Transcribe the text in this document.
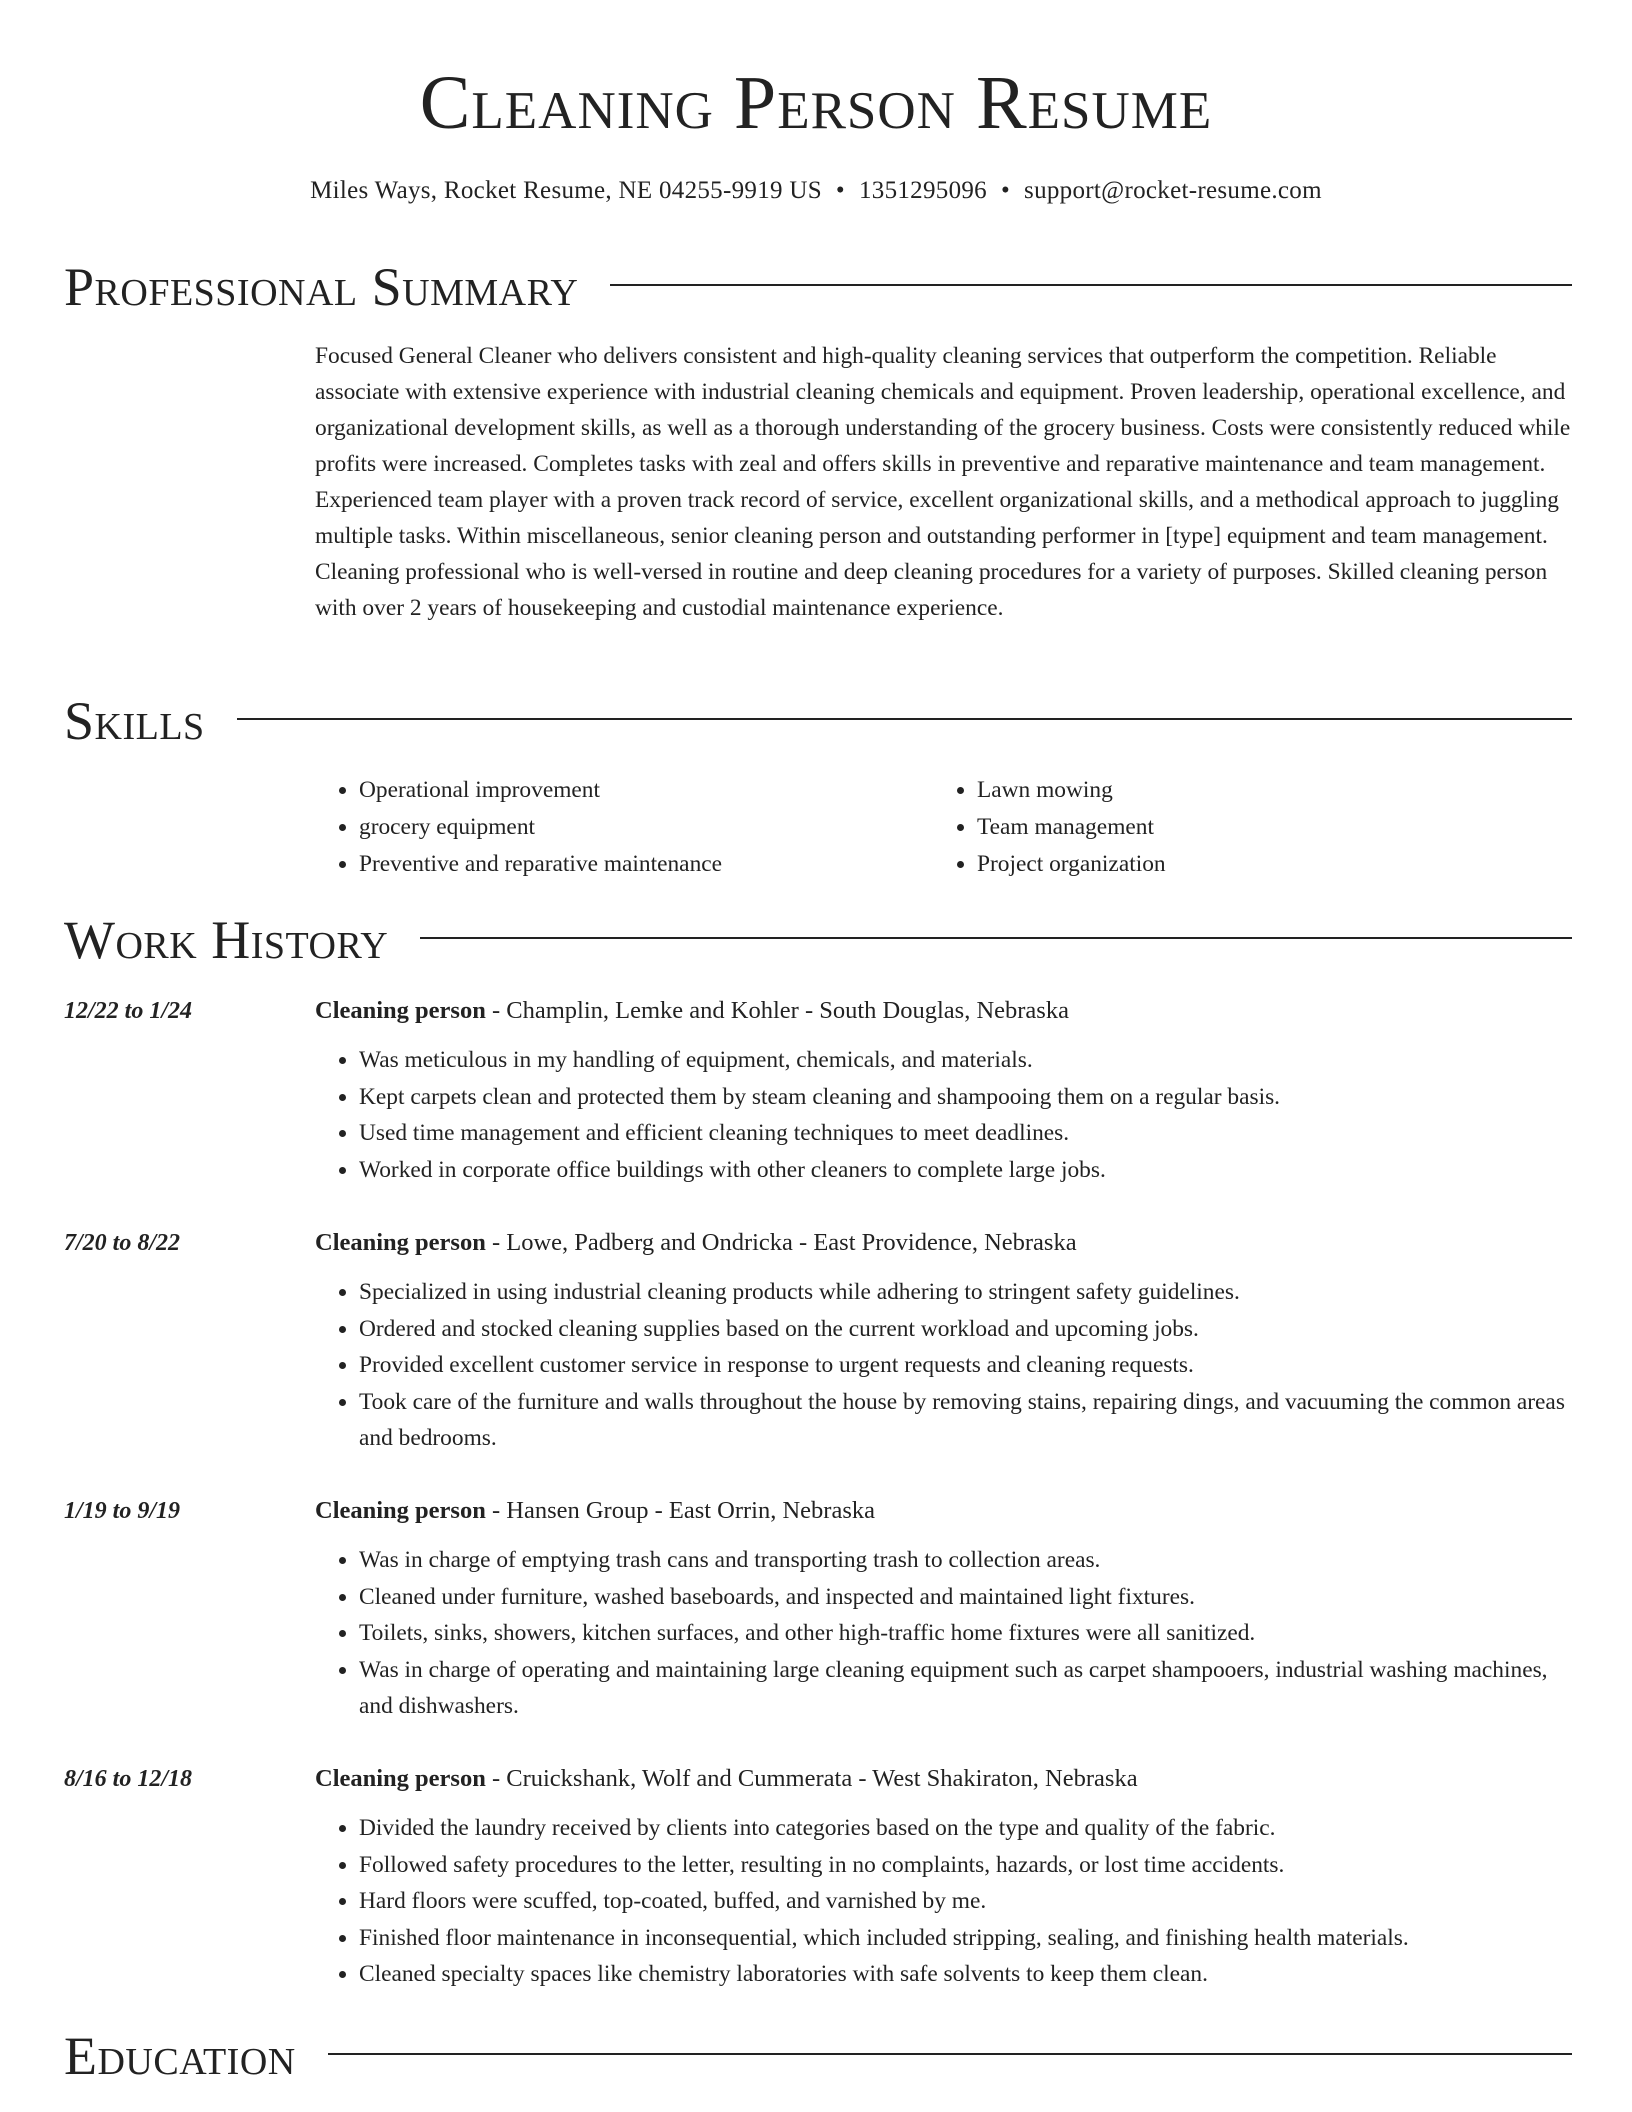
Cleaning Person Resume
Miles Ways, Rocket Resume, NE 04255-9919 US • 1351295096 • support@rocket-resume.com
Professional Summary

Focused General Cleaner who delivers consistent and high-quality cleaning services that outperform the competition. Reliable associate with extensive experience with industrial cleaning chemicals and equipment. Proven leadership, operational excellence, and organizational development skills, as well as a thorough understanding of the grocery business. Costs were consistently reduced while profits were increased. Completes tasks with zeal and offers skills in preventive and reparative maintenance and team management. Experienced team player with a proven track record of service, excellent organizational skills, and a methodical approach to juggling multiple tasks. Within miscellaneous, senior cleaning person and outstanding performer in [type] equipment and team management. Cleaning professional who is well-versed in routine and deep cleaning procedures for a variety of purposes. Skilled cleaning person with over 2 years of housekeeping and custodial maintenance experience.

Skills
• Operational improvement
• grocery equipment
• Preventive and reparative maintenance
• Lawn mowing
• Team management
• Project organization
Work History
12/22 to 1/24	Cleaning person - Champlin, Lemke and Kohler - South Douglas, Nebraska
• Was meticulous in my handling of equipment, chemicals, and materials.
• Kept carpets clean and protected them by steam cleaning and shampooing them on a regular basis.
• Used time management and efficient cleaning techniques to meet deadlines.
• Worked in corporate office buildings with other cleaners to complete large jobs.
7/20 to 8/22	Cleaning person - Lowe, Padberg and Ondricka - East Providence, Nebraska
• Specialized in using industrial cleaning products while adhering to stringent safety guidelines.
• Ordered and stocked cleaning supplies based on the current workload and upcoming jobs.
• Provided excellent customer service in response to urgent requests and cleaning requests.
• Took care of the furniture and walls throughout the house by removing stains, repairing dings, and vacuuming the common areas and bedrooms.
1/19 to 9/19	Cleaning person - Hansen Group - East Orrin, Nebraska
• Was in charge of emptying trash cans and transporting trash to collection areas.
• Cleaned under furniture, washed baseboards, and inspected and maintained light fixtures.
• Toilets, sinks, showers, kitchen surfaces, and other high-traffic home fixtures were all sanitized.
• Was in charge of operating and maintaining large cleaning equipment such as carpet shampooers, industrial washing machines, and dishwashers.
8/16 to 12/18	Cleaning person - Cruickshank, Wolf and Cummerata - West Shakiraton, Nebraska
• Divided the laundry received by clients into categories based on the type and quality of the fabric.
• Followed safety procedures to the letter, resulting in no complaints, hazards, or lost time accidents.
• Hard floors were scuffed, top-coated, buffed, and varnished by me.
• Finished floor maintenance in inconsequential, which included stripping, sealing, and finishing health materials.
• Cleaned specialty spaces like chemistry laboratories with safe solvents to keep them clean.
Education
